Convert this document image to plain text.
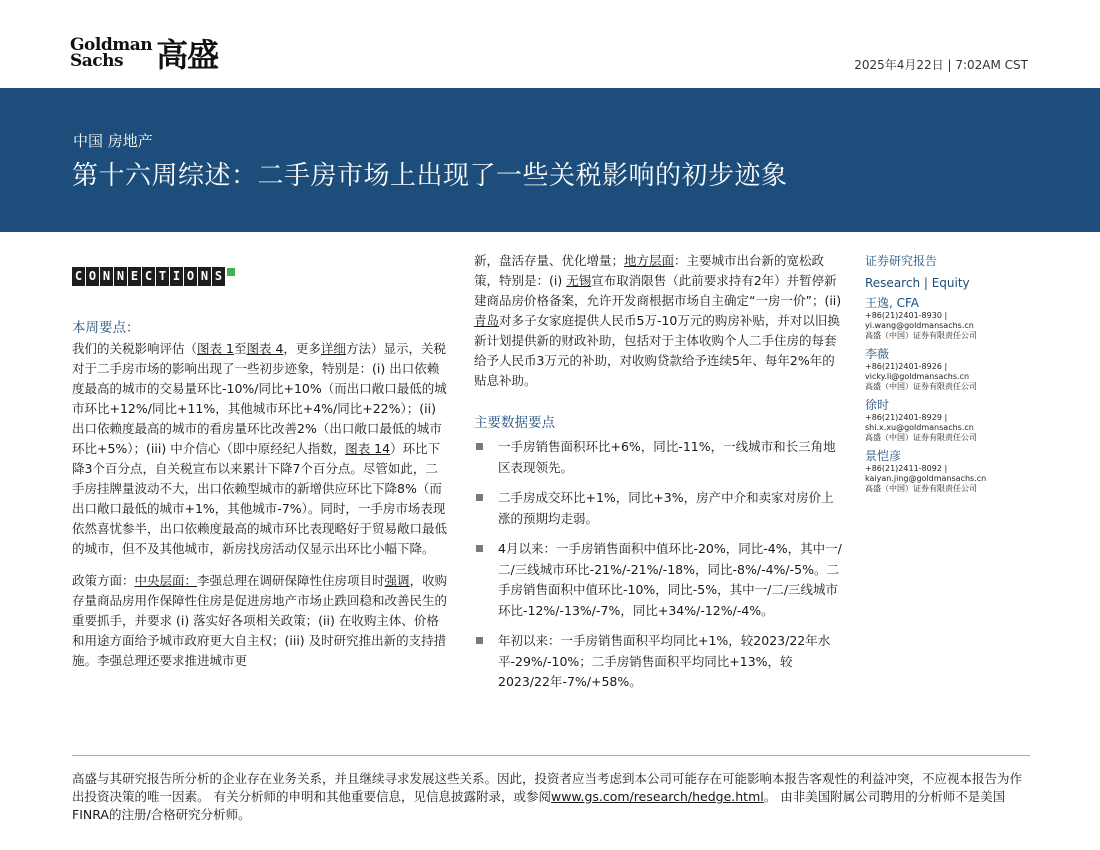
Goldman
Sachs	高盛	2025年4月22日 | 7:02AM CST
中国 房地产
第十六周综述：二手房市场上出现了一些关税影响的初步迹象
C O N N E C T I O N S
本周要点：
我们的关税影响评估（图表 1至图表 4，更多详细方法）显示，关税对于二手房市场的影响出现了一些初步迹象，特别是：(i) 出口依赖度最高的城市的交易量环比-10%/同比+10%（而出口敞口最低的城市环比+12%/同比+11%，其他城市环比+4%/同比+22%）；(ii) 出口依赖度最高的城市的看房量环比改善2%（出口敞口最低的城市环比+5%）；(iii) 中介信心（即中原经纪人指数，图表 14）环比下降3个百分点，自关税宣布以来累计下降7个百分点。尽管如此，二手房挂牌量波动不大，出口依赖型城市的新增供应环比下降8%（而出口敞口最低的城市+1%，其他城市-7%）。同时，一手房市场表现依然喜忧参半，出口依赖度最高的城市环比表现略好于贸易敞口最低的城市，但不及其他城市，新房找房活动仅显示出环比小幅下降。
政策方面：中央层面：李强总理在调研保障性住房项目时强调，收购存量商品房用作保障性住房是促进房地产市场止跌回稳和改善民生的重要抓手，并要求 (i) 落实好各项相关政策；(ii) 在收购主体、价格和用途方面给予城市政府更大自主权；(iii) 及时研究推出新的支持措施。李强总理还要求推进城市更
新，盘活存量、优化增量；地方层面：主要城市出台新的宽松政策，特别是：(i) 无锡宣布取消限售（此前要求持有2年）并暂停新建商品房价格备案，允许开发商根据市场自主确定“一房一价”；(ii) 青岛对多子女家庭提供人民币5万-10万元的购房补贴，并对以旧换新计划提供新的财政补助，包括对于主体收购个人二手住房的每套给予人民币3万元的补助，对收购贷款给予连续5年、每年2%年的贴息补助。
主要数据要点
一手房销售面积环比+6%，同比-11%，一线城市和长三角地区表现领先。
二手房成交环比+1%，同比+3%，房产中介和卖家对房价上涨的预期均走弱。
4月以来：一手房销售面积中值环比-20%，同比-4%，其中一/二/三线城市环比-21%/-21%/-18%，同比-8%/-4%/-5%。二手房销售面积中值环比-10%，同比-5%，其中一/二/三线城市环比-12%/-13%/-7%，同比+34%/-12%/-4%。
年初以来：一手房销售面积平均同比+1%，较2023/22年水平-29%/-10%；二手房销售面积平均同比+13%，较2023/22年-7%/+58%。
证券研究报告
Research | Equity
王逸, CFA
+86(21)2401-8930 |
yi.wang@goldmansachs.cn
高盛（中国）证券有限责任公司
李薇
+86(21)2401-8926 |
vicky.li@goldmansachs.cn
高盛（中国）证券有限责任公司
徐时
+86(21)2401-8929 |
shi.x.xu@goldmansachs.cn
高盛（中国）证券有限责任公司
景恺彦
+86(21)2411-8092 |
kaiyan.jing@goldmansachs.cn
高盛（中国）证券有限责任公司
高盛与其研究报告所分析的企业存在业务关系，并且继续寻求发展这些关系。因此，投资者应当考虑到本公司可能存在可能影响本报告客观性的利益冲突，不应视本报告为作出投资决策的唯一因素。 有关分析师的申明和其他重要信息，见信息披露附录，或参阅www.gs.com/research/hedge.html。 由非美国附属公司聘用的分析师不是美国FINRA的注册/合格研究分析师。
